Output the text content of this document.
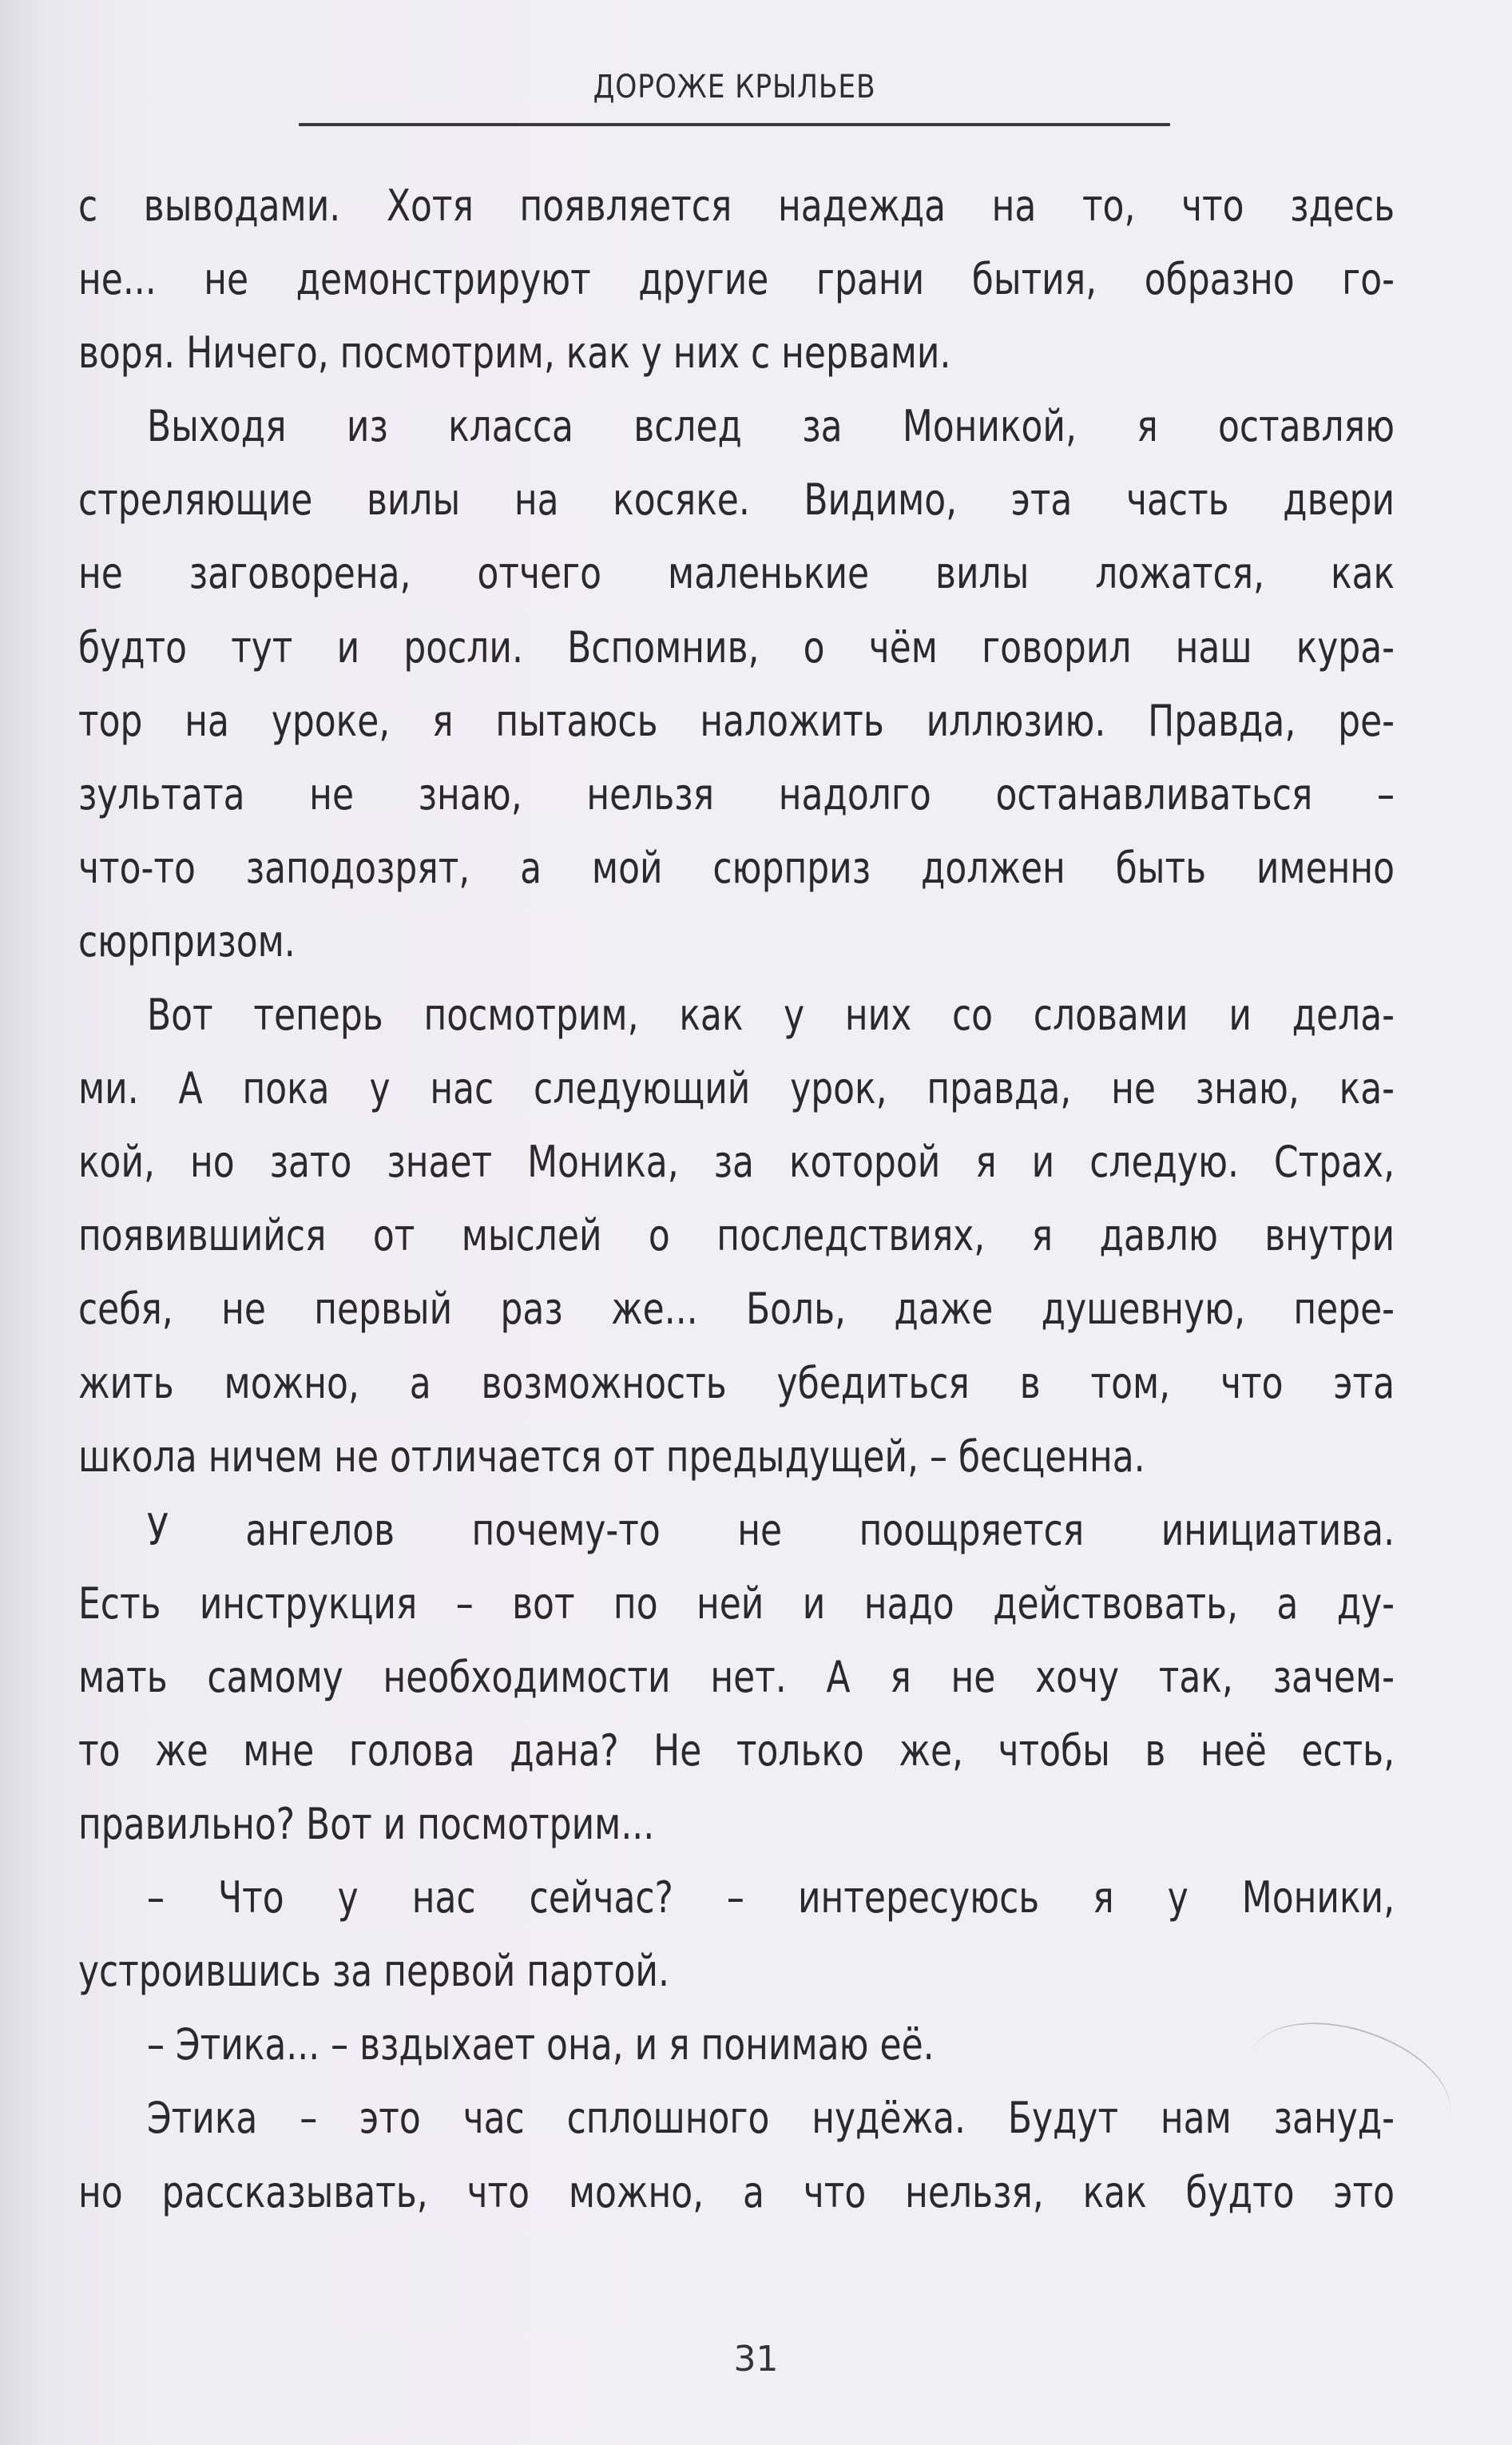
ДОРОЖЕ КРЫЛЬЕВ
с выводами. Хотя появляется надежда на то, что здесь
не... не демонстрируют другие грани бытия, образно го-
воря. Ничего, посмотрим, как у них с нервами.
Выходя из класса вслед за Моникой, я оставляю
стреляющие вилы на косяке. Видимо, эта часть двери
не заговорена, отчего маленькие вилы ложатся, как
будто тут и росли. Вспомнив, о чём говорил наш кура-
тор на уроке, я пытаюсь наложить иллюзию. Правда, ре-
зультата не знаю, нельзя надолго останавливаться –
что-то заподозрят, а мой сюрприз должен быть именно
сюрпризом.
Вот теперь посмотрим, как у них со словами и дела-
ми. А пока у нас следующий урок, правда, не знаю, ка-
кой, но зато знает Моника, за которой я и следую. Страх,
появившийся от мыслей о последствиях, я давлю внутри
себя, не первый раз же... Боль, даже душевную, пере-
жить можно, а возможность убедиться в том, что эта
школа ничем не отличается от предыдущей, – бесценна.
У ангелов почему-то не поощряется инициатива.
Есть инструкция – вот по ней и надо действовать, а ду-
мать самому необходимости нет. А я не хочу так, зачем-
то же мне голова дана? Не только же, чтобы в неё есть,
правильно? Вот и посмотрим...
– Что у нас сейчас? – интересуюсь я у Моники,
устроившись за первой партой.
– Этика... – вздыхает она, и я понимаю её.
Этика – это час сплошного нудёжа. Будут нам зануд-
но рассказывать, что можно, а что нельзя, как будто это
31
